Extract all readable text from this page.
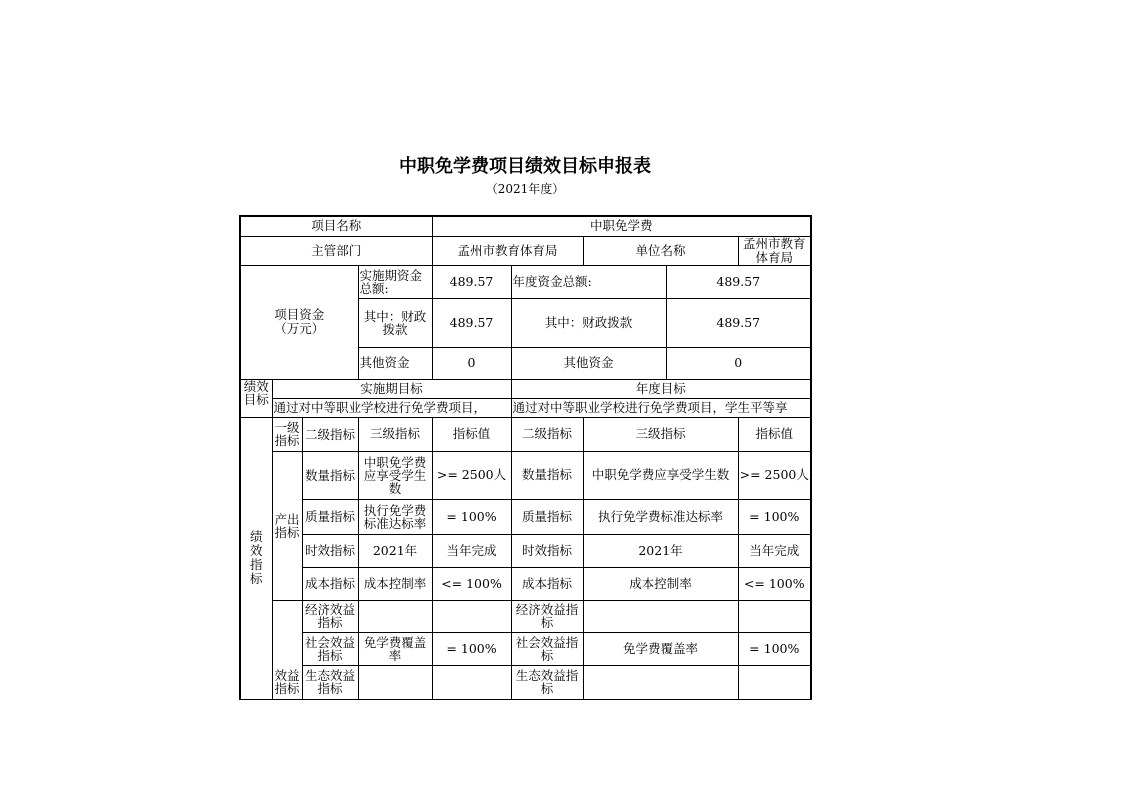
中职免学费项目绩效目标申报表
（2021年度）
项目名称				中职免学费				
主管部门				孟州市教育体育局		单位名称		孟州市教育体育局
项目资金
（万元）			实施期资金总额:	489.57	年度资金总额:		489.57	
			其中：财政拨款	489.57	其中：财政拨款		489.57	
			其他资金	0	其他资金		0	
绩效目标	实施期目标				年度目标			
	通过对中等职业学校进行免学费项目，				通过对中等职业学校进行免学费项目，学生平等享			
绩效指标	一级指标	二级指标	三级指标	指标值	二级指标	三级指标		指标值
	产出指标	数量指标	中职免学费应享受学生数	>= 2500人	数量指标	中职免学费应享受学生数		>= 2500人
		质量指标	执行免学费标准达标率	= 100%	质量指标	执行免学费标准达标率		= 100%
		时效指标	2021年	当年完成	时效指标	2021年		当年完成
		成本指标	成本控制率	<= 100%	成本指标	成本控制率		<= 100%
	效益指标	经济效益指标			经济效益指标			
		社会效益指标	免学费覆盖率	= 100%	社会效益指标	免学费覆盖率		= 100%
		生态效益指标			生态效益指标			
